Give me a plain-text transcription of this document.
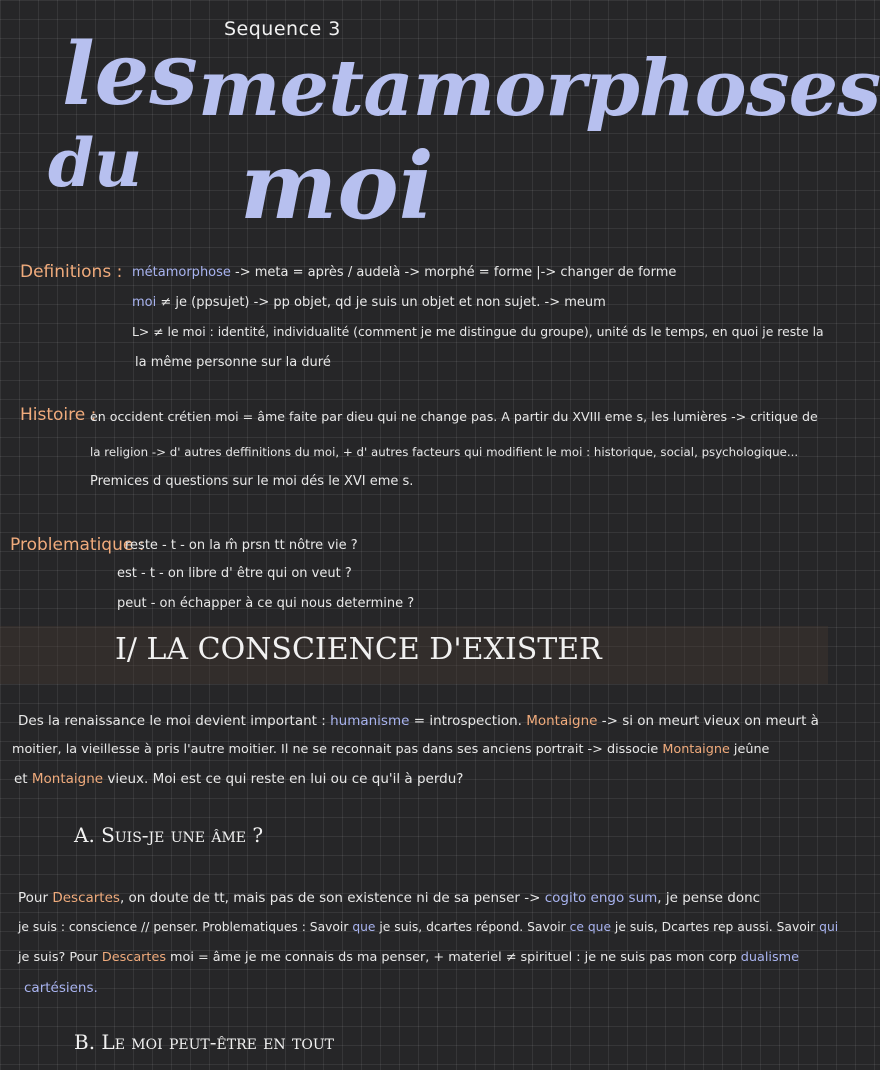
Sequence 3
les metamorphoses
du moi
Definitions : métamorphose -> meta = après / audelà -> morphé = forme |-> changer de forme
moi ≠ je (ppsujet) -> pp objet, qd je suis un objet et non sujet. -> meum
L> ≠ le moi : identité, individualité (comment je me distingue du groupe), unité ds le temps, en quoi je reste la
la même personne sur la duré
Histoire :
en occident crétien moi = âme faite par dieu qui ne change pas. A partir du XVIII eme s, les lumières -> critique de
la religion -> d' autres deffinitions du moi, + d' autres facteurs qui modifient le moi : historique, social, psychologique...
Premices d questions sur le moi dés le XVI eme s.
Problematique :
reste - t - on la m̂ prsn tt nôtre vie ?
est - t - on libre d' être qui on veut ?
peut - on échapper à ce qui nous determine ?
I/ LA CONSCIENCE D'EXISTER
Des la renaissance le moi devient important : humanisme = introspection. Montaigne -> si on meurt vieux on meurt à
moitier, la vieillesse à pris l'autre moitier. Il ne se reconnait pas dans ses anciens portrait -> dissocie Montaigne jeûne
et Montaigne vieux. Moi est ce qui reste en lui ou ce qu'il à perdu?
A. Suis-je une âme ?
Pour Descartes, on doute de tt, mais pas de son existence ni de sa penser -> cogito engo sum, je pense donc
je suis : conscience // penser. Problematiques : Savoir que je suis, dcartes répond. Savoir ce que je suis, Dcartes rep aussi. Savoir qui
je suis? Pour Descartes moi = âme je me connais ds ma penser, + materiel ≠ spirituel : je ne suis pas mon corp dualisme
cartésiens.
B. Le moi peut-être en tout
